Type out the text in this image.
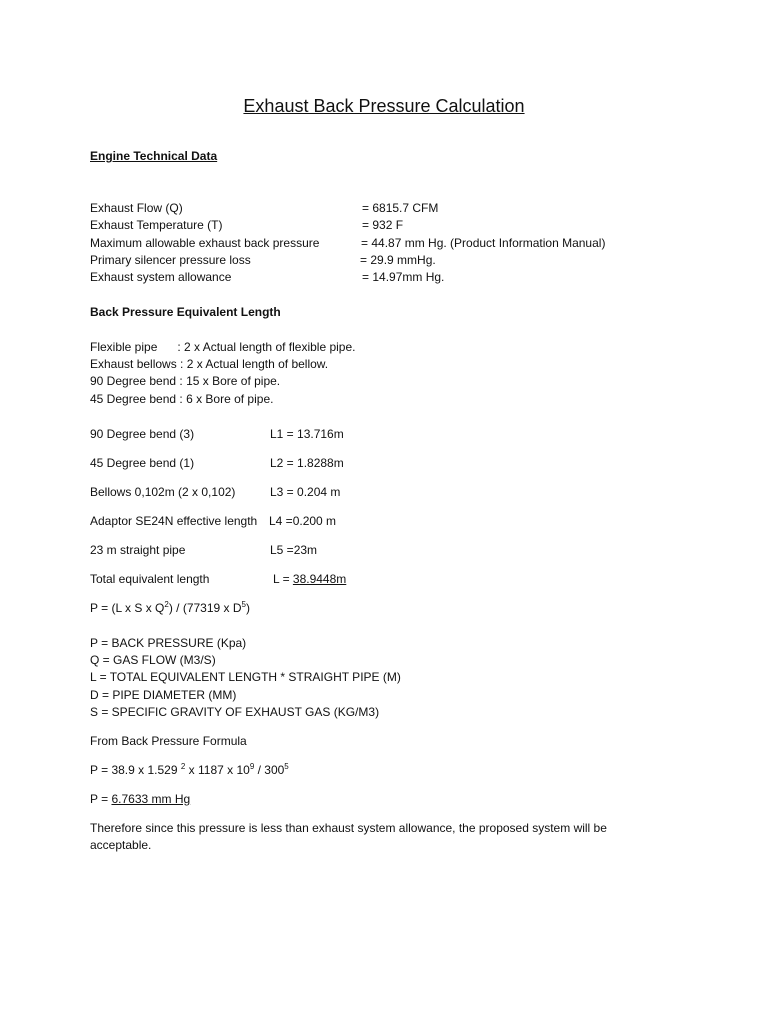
Exhaust Back Pressure Calculation
Engine Technical Data
Exhaust Flow (Q)	= 6815.7 CFM
Exhaust Temperature (T)	= 932 F
Maximum allowable exhaust back pressure	= 44.87 mm Hg. (Product Information Manual)
Primary silencer pressure loss	= 29.9 mmHg.
Exhaust system allowance	= 14.97mm Hg.
Back Pressure Equivalent Length
Flexible pipe      : 2 x Actual length of flexible pipe.
Exhaust bellows : 2 x Actual length of bellow.
90 Degree bend : 15 x Bore of pipe.
45 Degree bend : 6 x Bore of pipe.
90 Degree bend (3)	L1 = 13.716m
45 Degree bend (1)	L2 = 1.8288m
Bellows 0,102m (2 x 0,102)	L3 = 0.204 m
Adaptor SE24N effective length L4 =0.200 m
23 m straight pipe	L5 =23m
Total equivalent length	L = 38.9448m
P = (L x S x $Q^2) / (77319$ x $D^5$)
P = BACK PRESSURE (Kpa)
Q = GAS FLOW (M3/S)
L = TOTAL EQUIVALENT LENGTH * STRAIGHT PIPE (M)
D = PIPE DIAMETER (MM)
S = SPECIFIC GRAVITY OF EXHAUST GAS (KG/M3)
From Back Pressure Formula
P = 38.9 x 1.529 $^2$ x 1187 x $10^9 / 300^5$
P = 6.7633 mm Hg
Therefore since this pressure is less than exhaust system allowance, the proposed system will be acceptable.
